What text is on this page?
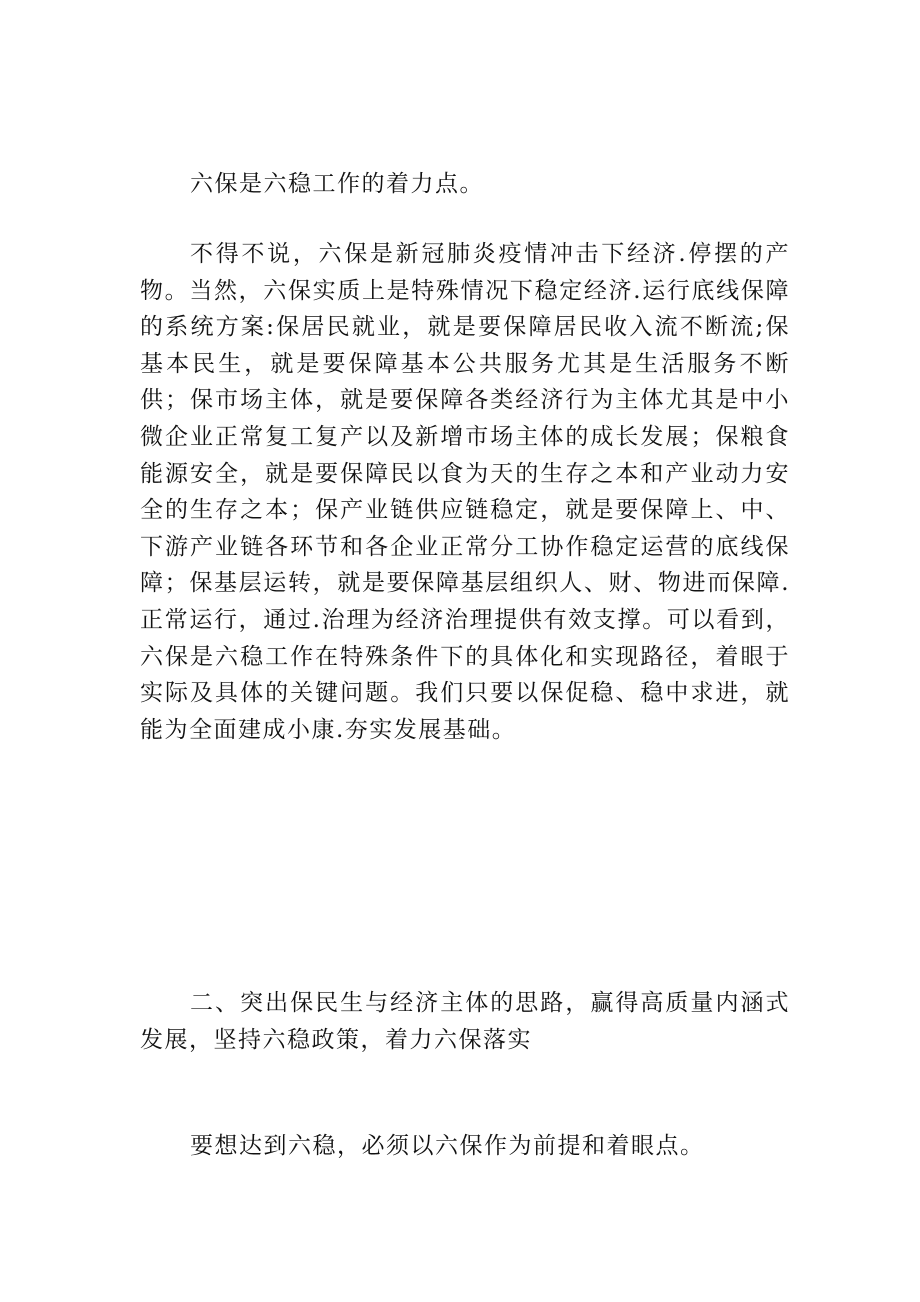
六保是六稳工作的着力点。

不得不说，六保是新冠肺炎疫情冲击下经济.停摆的产物。当然，六保实质上是特殊情况下稳定经济.运行底线保障的系统方案:保居民就业，就是要保障居民收入流不断流;保基本民生，就是要保障基本公共服务尤其是生活服务不断供；保市场主体，就是要保障各类经济行为主体尤其是中小微企业正常复工复产以及新增市场主体的成长发展；保粮食能源安全，就是要保障民以食为天的生存之本和产业动力安全的生存之本；保产业链供应链稳定，就是要保障上、中、下游产业链各环节和各企业正常分工协作稳定运营的底线保障；保基层运转，就是要保障基层组织人、财、物进而保障.正常运行，通过.治理为经济治理提供有效支撑。可以看到，六保是六稳工作在特殊条件下的具体化和实现路径，着眼于实际及具体的关键问题。我们只要以保促稳、稳中求进，就能为全面建成小康.夯实发展基础。

二、突出保民生与经济主体的思路，赢得高质量内涵式发展，坚持六稳政策，着力六保落实

要想达到六稳，必须以六保作为前提和着眼点。
